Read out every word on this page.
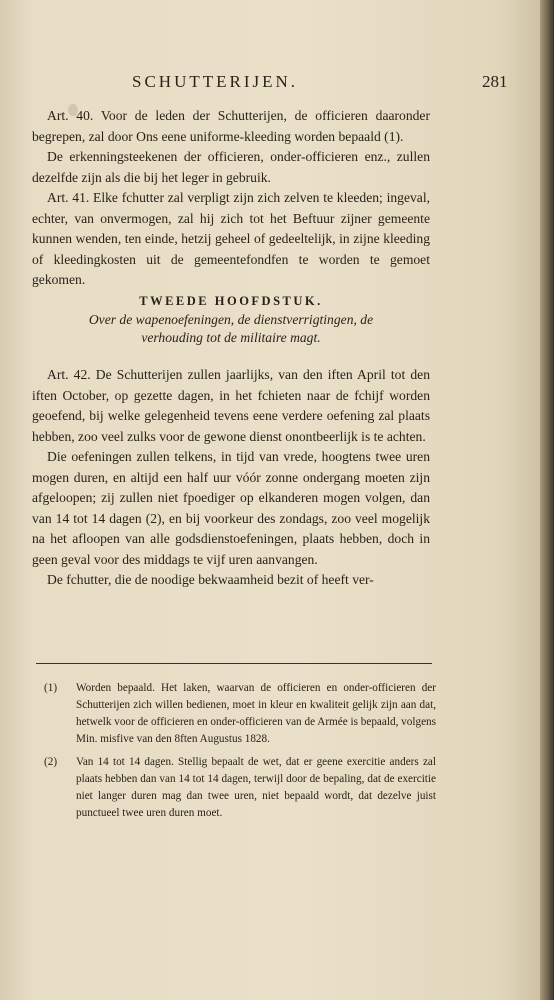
SCHUTTERIJEN.	281

Art. 40. Voor de leden der Schutterijen, de officieren daaronder begrepen, zal door Ons eene uniforme-kleeding worden bepaald (1).

De erkenningsteekenen der officieren, onder-officieren enz., zullen dezelfde zijn als die bij het leger in gebruik.

Art. 41. Elke fchutter zal verpligt zijn zich zelven te kleeden; ingeval, echter, van onvermogen, zal hij zich tot het Beftuur zijner gemeente kunnen wenden, ten einde, hetzij geheel of gedeeltelijk, in zijne kleeding of kleedingkosten uit de gemeentefondfen te worden te gemoet gekomen.

TWEEDE HOOFDSTUK.

Over de wapenoefeningen, de dienstverrigtingen, de
verhouding tot de militaire magt.

Art. 42. De Schutterijen zullen jaarlijks, van den iften April tot den iften October, op gezette dagen, in het fchieten naar de fchijf worden geoefend, bij welke gelegenheid tevens eene verdere oefening zal plaats hebben, zoo veel zulks voor de gewone dienst onontbeerlijk is te achten.

Die oefeningen zullen telkens, in tijd van vrede, hoogtens twee uren mogen duren, en altijd een half uur vóór zonne ondergang moeten zijn afgeloopen; zij zullen niet fpoediger op elkanderen mogen volgen, dan van 14 tot 14 dagen (2), en bij voorkeur des zondags, zoo veel mogelijk na het afloopen van alle godsdienstoefeningen, plaats hebben, doch in geen geval voor des middags te vijf uren aanvangen.

De fchutter, die de noodige bekwaamheid bezit of heeft ver-

(1)	Worden bepaald. Het laken, waarvan de officieren en onder-officieren der Schutterijen zich willen bedienen, moet in kleur en kwaliteit gelijk zijn aan dat, hetwelk voor de officieren en onder-officieren van de Armée is bepaald, volgens Min. misfive van den 8ften Augustus 1828.
(2)	Van 14 tot 14 dagen. Stellig bepaalt de wet, dat er geene exercitie anders zal plaats hebben dan van 14 tot 14 dagen, terwijl door de bepaling, dat de exercitie niet langer duren mag dan twee uren, niet bepaald wordt, dat dezelve juist punctueel twee uren duren moet.
